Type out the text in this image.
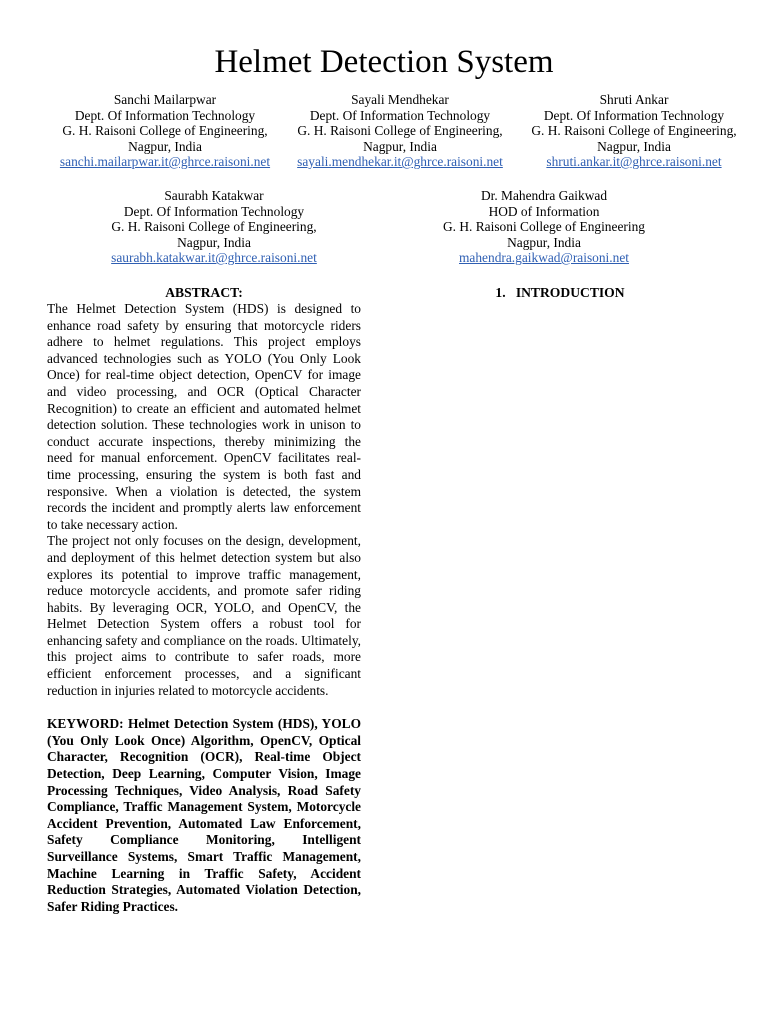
Helmet Detection System
Sanchi Mailarpwar
Dept. Of Information Technology
G. H. Raisoni College of Engineering,
Nagpur, India
sanchi.mailarpwar.it@ghrce.raisoni.net
Sayali Mendhekar
Dept. Of Information Technology
G. H. Raisoni College of Engineering,
Nagpur, India
sayali.mendhekar.it@ghrce.raisoni.net
Shruti Ankar
Dept. Of Information Technology
G. H. Raisoni College of Engineering,
Nagpur, India
shruti.ankar.it@ghrce.raisoni.net
Saurabh Katakwar
Dept. Of Information Technology
G. H. Raisoni College of Engineering,
Nagpur, India
saurabh.katakwar.it@ghrce.raisoni.net
Dr. Mahendra Gaikwad
HOD of Information
G. H. Raisoni College of Engineering
Nagpur, India
mahendra.gaikwad@raisoni.net

ABSTRACT:

The Helmet Detection System (HDS) is designed to enhance road safety by ensuring that motorcycle riders adhere to helmet regulations. This project employs advanced technologies such as YOLO (You Only Look Once) for real-time object detection, OpenCV for image and video processing, and OCR (Optical Character Recognition) to create an efficient and automated helmet detection solution. These technologies work in unison to conduct accurate inspections, thereby minimizing the need for manual enforcement. OpenCV facilitates real-time processing, ensuring the system is both fast and responsive. When a violation is detected, the system records the incident and promptly alerts law enforcement to take necessary action.

The project not only focuses on the design, development, and deployment of this helmet detection system but also explores its potential to improve traffic management, reduce motorcycle accidents, and promote safer riding habits. By leveraging OCR, YOLO, and OpenCV, the Helmet Detection System offers a robust tool for enhancing safety and compliance on the roads. Ultimately, this project aims to contribute to safer roads, more efficient enforcement processes, and a significant reduction in injuries related to motorcycle accidents.

KEYWORD: Helmet Detection System (HDS), YOLO (You Only Look Once) Algorithm, OpenCV, Optical Character, Recognition (OCR), Real-time Object Detection, Deep Learning, Computer Vision, Image Processing Techniques, Video Analysis, Road Safety Compliance, Traffic Management System, Motorcycle Accident Prevention, Automated Law Enforcement, Safety Compliance Monitoring, Intelligent Surveillance Systems, Smart Traffic Management, Machine Learning in Traffic Safety, Accident Reduction Strategies, Automated Violation Detection, Safer Riding Practices.

1.   INTRODUCTION
